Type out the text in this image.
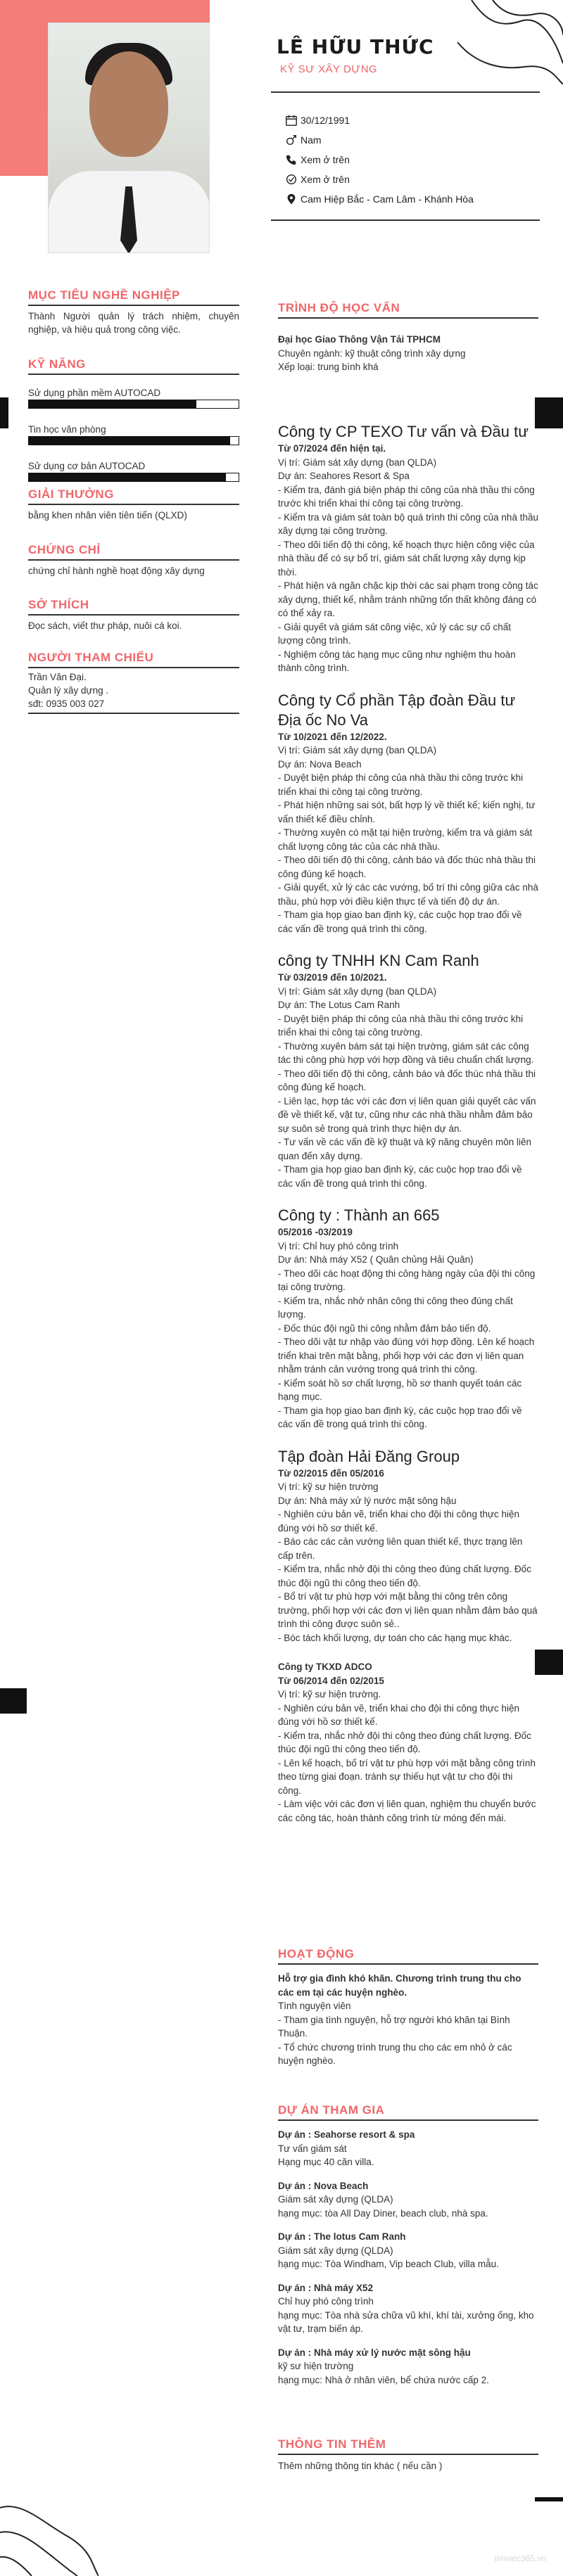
LÊ HỮU THỨC
KỸ SƯ XÂY DỰNG
30/12/1991
Nam
Xem ở trên
Xem ở trên
Cam Hiệp Bắc - Cam Lâm - Khánh Hòa
MỤC TIÊU NGHỀ NGHIỆP
Thành Người quản lý trách nhiệm, chuyên nghiệp, và hiệu quả trong công việc.
KỸ NĂNG
Sử dụng phần mềm AUTOCAD
Tin học văn phòng
Sử dụng cơ bản AUTOCAD
GIẢI THƯỞNG
bằng khen nhân viên tiên tiến (QLXD)
CHỨNG CHỈ
chứng chỉ hành nghề hoạt động xây dựng
SỞ THÍCH
Đọc sách, viết thư pháp, nuôi cá koi.
NGƯỜI THAM CHIẾU
Trần Văn Đại.
Quản lý xây dựng .
sđt: 0935 003 027
TRÌNH ĐỘ HỌC VẤN
Đại học Giao Thông Vận Tải TPHCM
Chuyên ngành: kỹ thuật công trình xây dựng
Xếp loại: trung bình khá
Công ty CP TEXO Tư vấn và Đầu tư
Từ 07/2024 đến hiện tại.
Vị trí: Giám sát xây dựng (ban QLDA)
Dự án: Seahores Resort & Spa
- Kiểm tra, đánh giá biện pháp thi công của nhà thầu thi công trước khi triển khai thi công tại công trường.
- Kiểm tra và giám sát toàn bộ quá trình thi công của nhà thầu xây dựng tại công trường.
- Theo dõi tiến độ thi công, kế hoạch thực hiện công việc của nhà thầu để có sự bổ trí, giám sát chất lượng xây dựng kịp thời.
- Phát hiện và ngăn chặc kịp thời các sai phạm trong công tác xây dựng, thiết kế, nhằm tránh những tổn thất không đáng có có thể xảy ra.
- Giải quyết và giám sát công việc, xử lý các sự cố chất lượng công trình.
- Nghiệm công tác hạng mục cũng như nghiệm thu hoàn thành công trình.
Công ty Cổ phần Tập đoàn Đầu tư Địa ốc No Va
Từ 10/2021 đến 12/2022.
Vị trí: Giám sát xây dựng (ban QLDA)
Dự án: Nova Beach
- Duyệt biện pháp thi công của nhà thầu thi công trước khi triển khai thi công tại công trường.
- Phát hiện những sai sót, bất hợp lý về thiết kế; kiến nghị, tư vấn thiết kế điều chỉnh.
- Thường xuyên có mặt tại hiện trường, kiểm tra và giám sát chất lượng công tác của các nhà thầu.
- Theo dõi tiến độ thi công, cảnh báo và đốc thúc nhà thầu thi công đúng kế hoạch.
- Giải quyết, xử lý các các vướng, bố trí thi công giữa các nhà thầu, phù hợp với điều kiện thực tế và tiến độ dự án.
- Tham gia họp giao ban định kỳ, các cuộc họp trao đổi về các vấn đề trong quá trình thi công.
công ty TNHH KN Cam Ranh
Từ 03/2019 đến 10/2021.
Vị trí: Giám sát xây dựng (ban QLDA)
Dự án: The Lotus Cam Ranh
- Duyệt biện pháp thi công của nhà thầu thi công trước khi triển khai thi công tại công trường.
- Thường xuyên bám sát tại hiện trường, giám sát các công tác thi công phù hợp với hợp đồng và tiêu chuẩn chất lượng.
- Theo dõi tiến độ thi công, cảnh báo và đốc thúc nhà thầu thi công đúng kế hoạch.
- Liên lạc, hợp tác với các đơn vị liên quan giải quyết các vấn đề về thiết kế, vật tư, cũng như các nhà thầu nhằm đảm bảo sự suôn sẻ trong quá trình thực hiện dự án.
- Tư vấn về các vấn đề kỹ thuật và kỹ năng chuyên môn liên quan đến xây dựng.
- Tham gia họp giao ban định kỳ, các cuộc họp trao đổi về các vấn đề trong quá trình thi công.
Công ty : Thành an 665
05/2016 -03/2019
Vị trí: Chỉ huy phó công trình
Dự án: Nhà máy X52 ( Quân chủng Hải Quân)
- Theo dõi các hoạt động thi công hàng ngày của đội thi công tại công trường.
- Kiểm tra, nhắc nhở nhân công thi công theo đúng chất lượng.
- Đốc thúc đội ngũ thi công nhằm đảm bảo tiến độ.
- Theo dõi vật tư nhập vào đúng với hợp đồng. Lên kế hoạch triển khai trên mặt bằng, phối hợp với các đơn vị liên quan nhằm tránh cản vướng trong quá trình thi công.
- Kiểm soát hồ sơ chất lượng, hồ sơ thanh quyết toán các hạng mục.
- Tham gia họp giao ban định kỳ, các cuộc họp trao đổi về các vấn đề trong quá trình thi công.
Tập đoàn Hải Đăng Group
Từ 02/2015 đến 05/2016
Vị trí: kỹ sư hiện trường
Dự án: Nhà máy xử lý nước mặt sông hậu
- Nghiên cứu bản vẽ, triển khai cho đội thi công thực hiện đúng với hồ sơ thiết kế.
- Báo các các cản vướng liên quan thiết kế, thực trạng lên cấp trên.
- Kiểm tra, nhắc nhở đội thi công theo đúng chất lượng. Đốc thúc đội ngũ thi công theo tiến độ.
- Bổ trí vật tư phù hợp với mặt bằng thi công trên công trường, phối hợp với các đơn vị liên quan nhằm đảm bảo quá trình thi công được suôn sẻ..
- Bóc tách khối lượng, dự toán cho các hạng mục khác.
Công ty TKXD ADCO
Từ 06/2014 đến 02/2015
Vị trí: kỹ sư hiện trường.
- Nghiên cứu bản vẽ, triển khai cho đội thi công thực hiện đúng với hồ sơ thiết kế.
- Kiểm tra, nhắc nhở đội thi công theo đúng chất lượng. Đốc thúc đội ngũ thi công theo tiến độ.
- Lên kế hoạch, bố trí vật tư phù hợp với mặt bằng công trình theo từng giai đoạn. tránh sự thiếu hụt vật tư cho đội thi công.
- Làm việc với các đơn vị liên quan, nghiệm thu chuyển bước các công tác, hoàn thành công trình từ móng đến mái.
HOẠT ĐỘNG
Hỗ trợ gia đình khó khăn. Chương trình trung thu cho các em tại các huyện nghèo.
Tình nguyện viên
- Tham gia tình nguyện, hỗ trợ người khó khăn tại Bình Thuận.
- Tổ chức chương trình trung thu cho các em nhỏ ở các huyện nghèo.
DỰ ÁN THAM GIA
Dự án : Seahorse resort & spa
Tư vấn giám sát
Hạng mục 40 căn villa.
Dự án : Nova Beach
Giám sát xây dựng (QLDA)
hạng mục: tòa All Day Diner, beach club, nhà spa.
Dự án : The lotus Cam Ranh
Giám sát xây dựng (QLDA)
hạng mục: Tòa Windham, Vip beach Club, villa mẫu.
Dự án : Nhà máy X52
Chỉ huy phó công trình
hạng mục: Tòa nhà sửa chữa vũ khí, khí tài, xưởng ống, kho vật tư, trạm biến áp.
Dự án : Nhà máy xử lý nước mặt sông hậu
kỹ sư hiện trường
hạng mục: Nhà ở nhân viên, bể chứa nước cấp 2.
THÔNG TIN THÊM
Thêm những thông tin khác ( nếu cần )
timviec365.vn
